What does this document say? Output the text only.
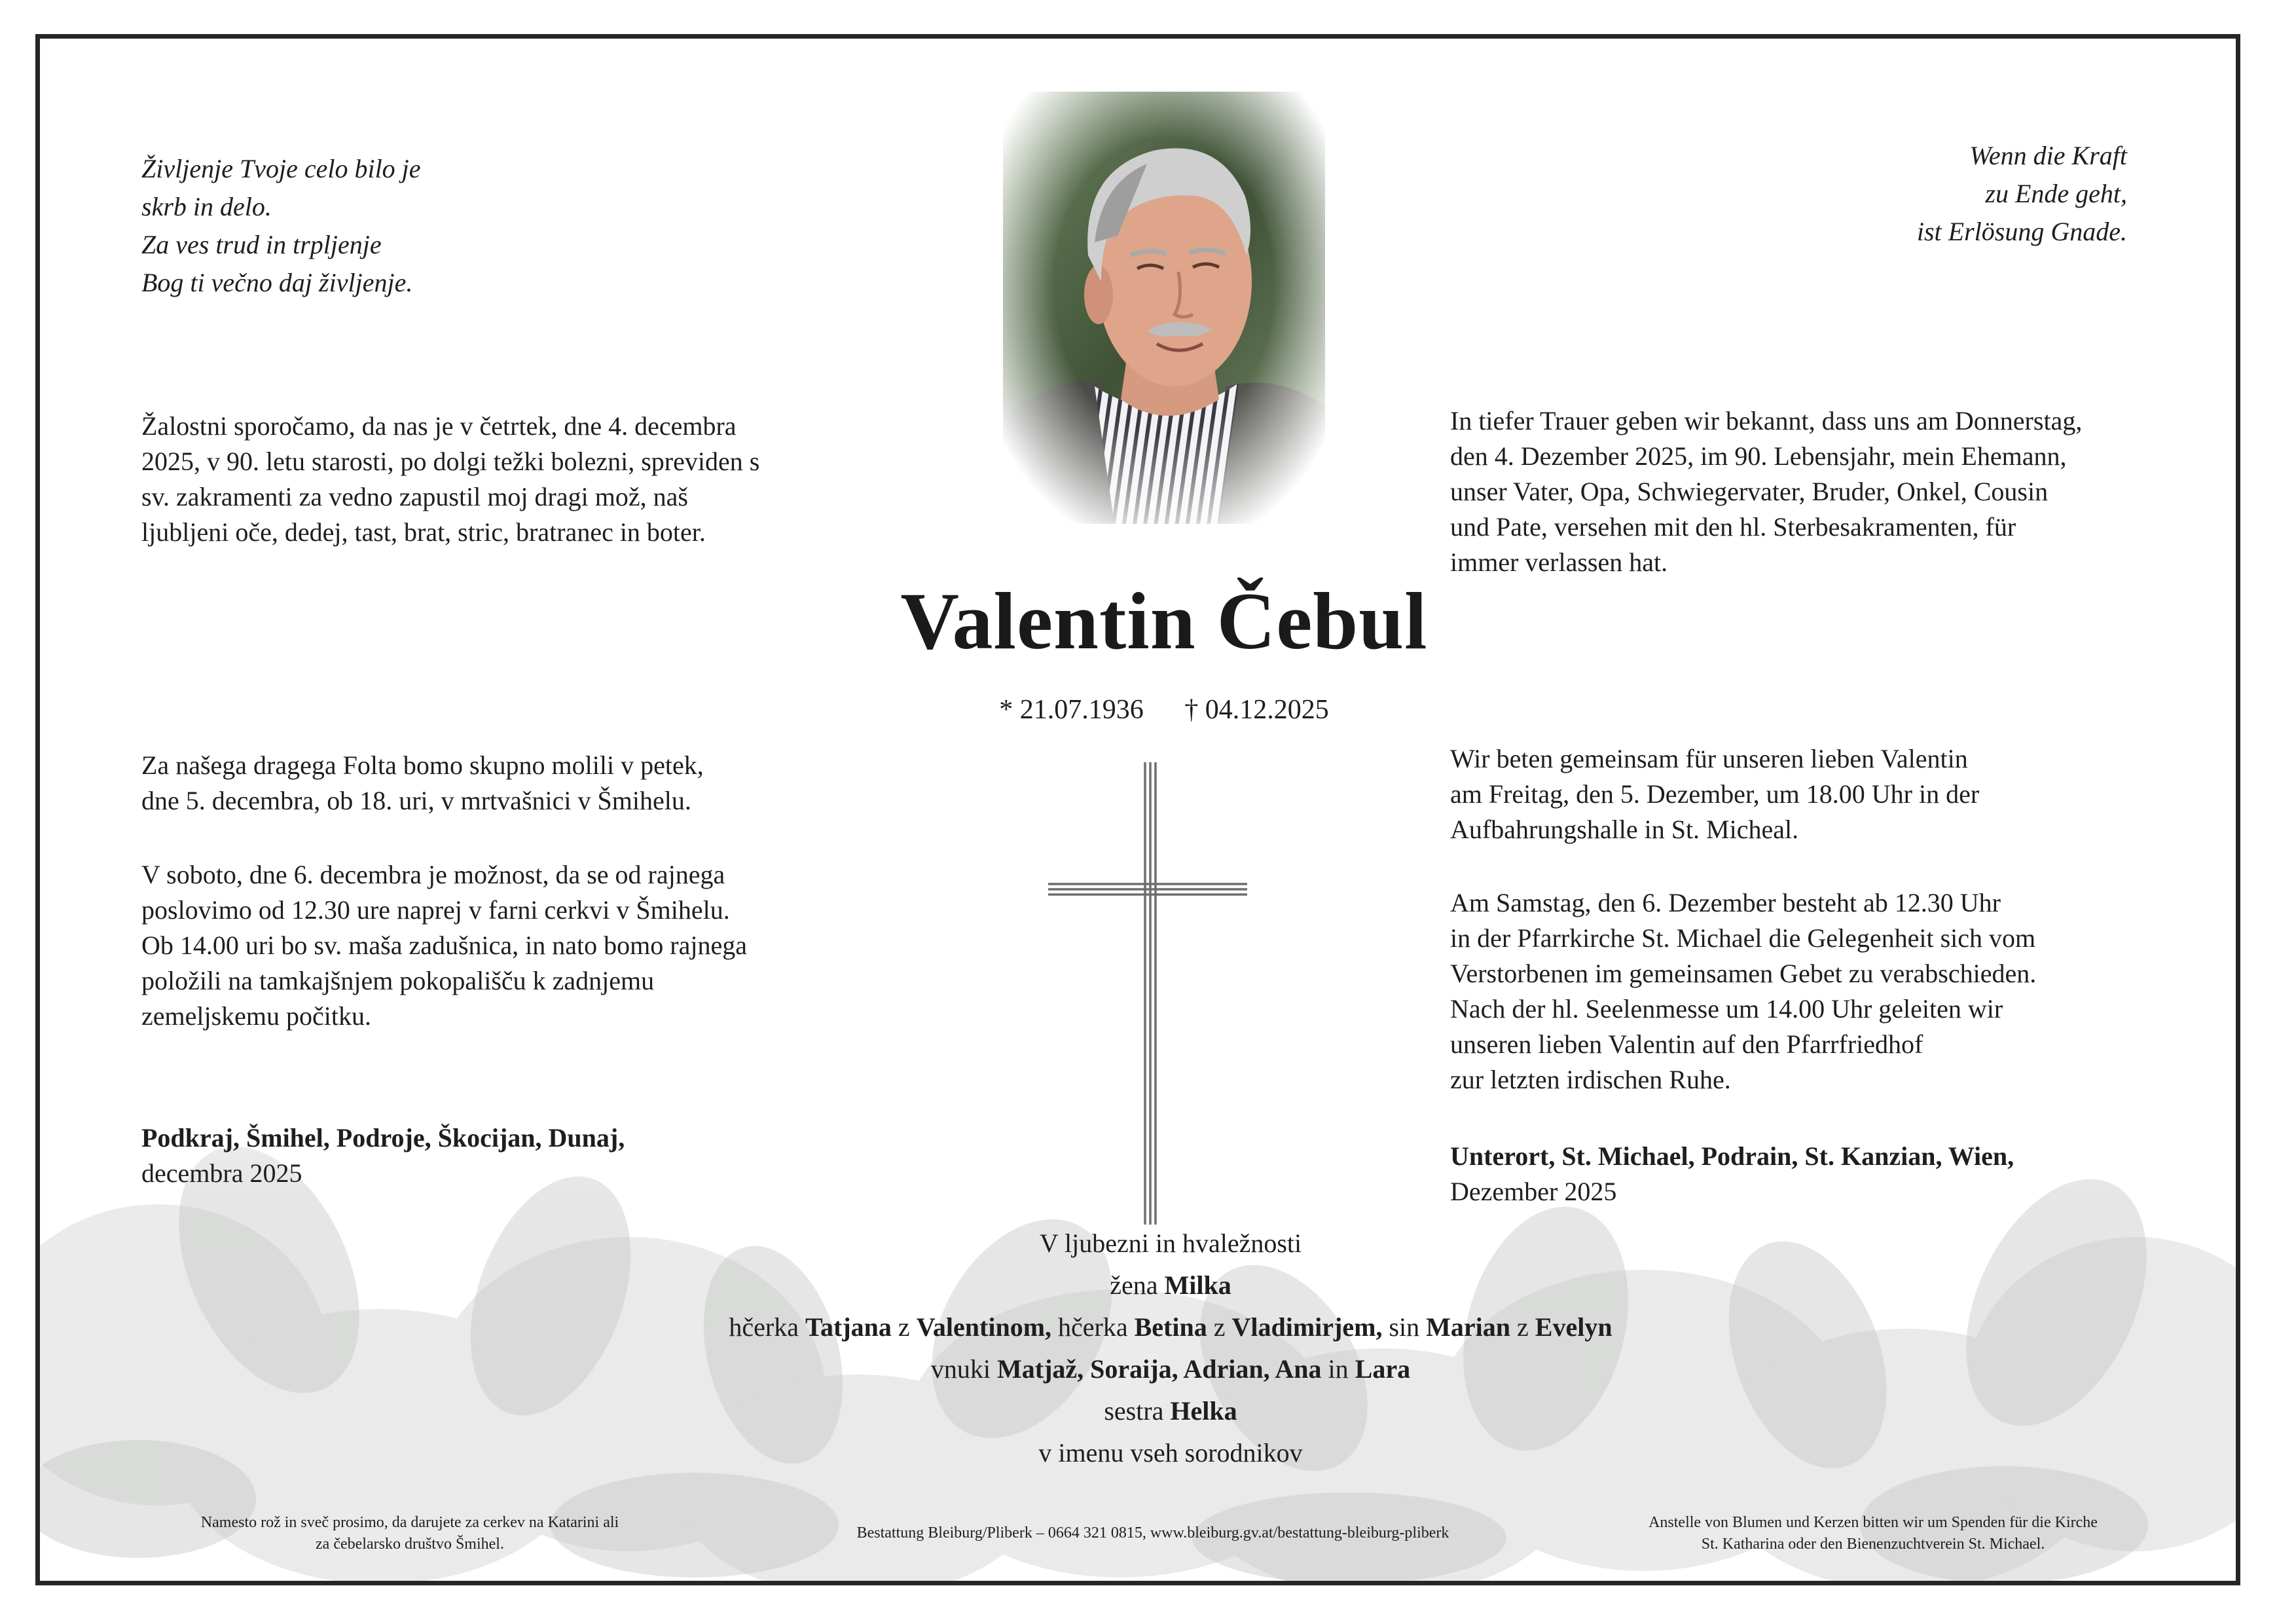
Življenje Tvoje celo bilo je
skrb in delo.
Za ves trud in trpljenje
Bog ti večno daj življenje.
Wenn die Kraft
zu Ende geht,
ist Erlösung Gnade.
Žalostni sporočamo, da nas je v četrtek, dne 4. decembra
2025, v 90. letu starosti, po dolgi težki bolezni, spreviden s
sv. zakramenti za vedno zapustil moj dragi mož, naš
ljubljeni oče, dedej, tast, brat, stric, bratranec in boter.
In tiefer Trauer geben wir bekannt, dass uns am Donnerstag,
den 4. Dezember 2025, im 90. Lebensjahr, mein Ehemann,
unser Vater, Opa, Schwiegervater, Bruder, Onkel, Cousin
und Pate, versehen mit den hl. Sterbesakramenten, für
immer verlassen hat.
Valentin Čebul
* 21.07.1936 † 04.12.2025
Za našega dragega Folta bomo skupno molili v petek,
dne 5. decembra, ob 18. uri, v mrtvašnici v Šmihelu.
V soboto, dne 6. decembra je možnost, da se od rajnega
poslovimo od 12.30 ure naprej v farni cerkvi v Šmihelu.
Ob 14.00 uri bo sv. maša zadušnica, in nato bomo rajnega
položili na tamkajšnjem pokopališču k zadnjemu
zemeljskemu počitku.
Podkraj, Šmihel, Podroje, Škocijan, Dunaj,
decembra 2025
Wir beten gemeinsam für unseren lieben Valentin
am Freitag, den 5. Dezember, um 18.00 Uhr in der
Aufbahrungshalle in St. Micheal.
Am Samstag, den 6. Dezember besteht ab 12.30 Uhr
in der Pfarrkirche St. Michael die Gelegenheit sich vom
Verstorbenen im gemeinsamen Gebet zu verabschieden.
Nach der hl. Seelenmesse um 14.00 Uhr geleiten wir
unseren lieben Valentin auf den Pfarrfriedhof
zur letzten irdischen Ruhe.
Unterort, St. Michael, Podrain, St. Kanzian, Wien,
Dezember 2025
V ljubezni in hvaležnosti
žena Milka
hčerka Tatjana z Valentinom, hčerka Betina z Vladimirjem, sin Marian z Evelyn
vnuki Matjaž, Soraija, Adrian, Ana in Lara
sestra Helka
v imenu vseh sorodnikov
Namesto rož in sveč prosimo, da darujete za cerkev na Katarini ali
za čebelarsko društvo Šmihel.
Bestattung Bleiburg/Pliberk – 0664 321 0815, www.bleiburg.gv.at/bestattung-bleiburg-pliberk
Anstelle von Blumen und Kerzen bitten wir um Spenden für die Kirche
St. Katharina oder den Bienenzuchtverein St. Michael.
